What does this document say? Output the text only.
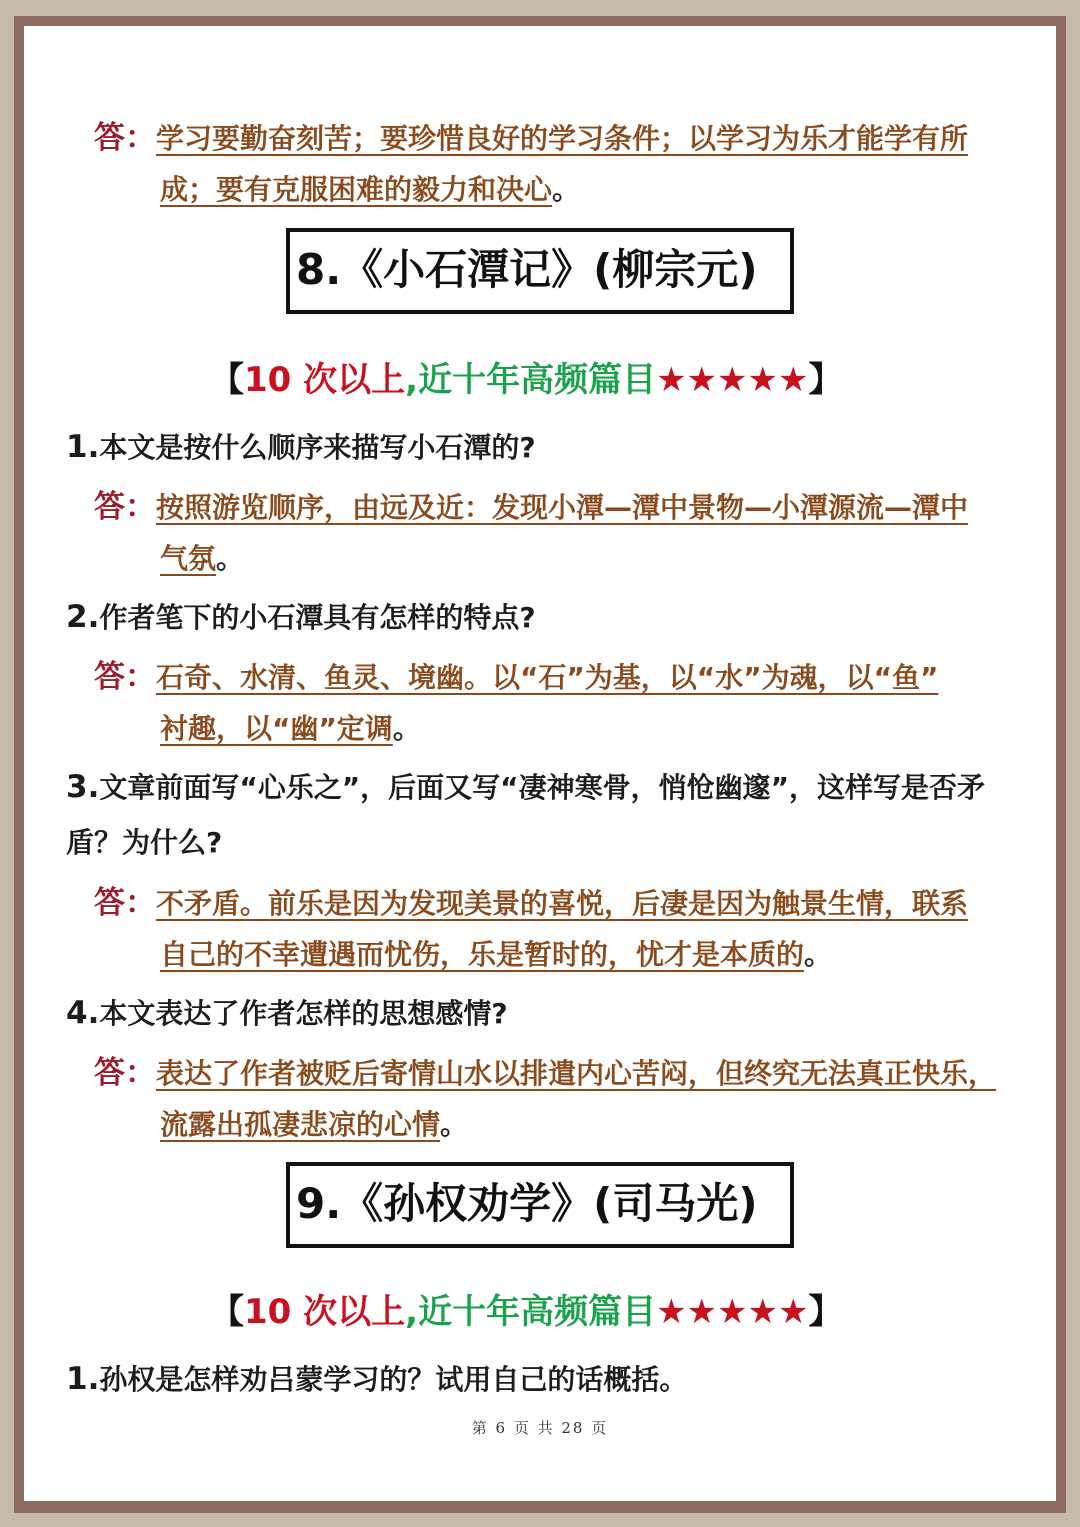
答：学习要勤奋刻苦；要珍惜良好的学习条件；以学习为乐才能学有所
成；要有克服困难的毅力和决心。
8.《小石潭记》(柳宗元)
【10 次以上,近十年高频篇目★★★★★】
1.本文是按什么顺序来描写小石潭的?
答：按照游览顺序，由远及近：发现小潭—潭中景物—小潭源流—潭中
气氛。
2.作者笔下的小石潭具有怎样的特点?
答：石奇、水清、鱼灵、境幽。以“石”为基，以“水”为魂，以“鱼”
衬趣，以“幽”定调。
3.文章前面写“心乐之”，后面又写“凄神寒骨，悄怆幽邃”，这样写是否矛
盾？为什么?
答：不矛盾。前乐是因为发现美景的喜悦，后凄是因为触景生情，联系
自己的不幸遭遇而忧伤，乐是暂时的，忧才是本质的。
4.本文表达了作者怎样的思想感情?
答：表达了作者被贬后寄情山水以排遣内心苦闷，但终究无法真正快乐，
流露出孤凄悲凉的心情。
9.《孙权劝学》(司马光)
【10 次以上,近十年高频篇目★★★★★】
1.孙权是怎样劝吕蒙学习的？试用自己的话概括。
第 6 页 共 28 页
